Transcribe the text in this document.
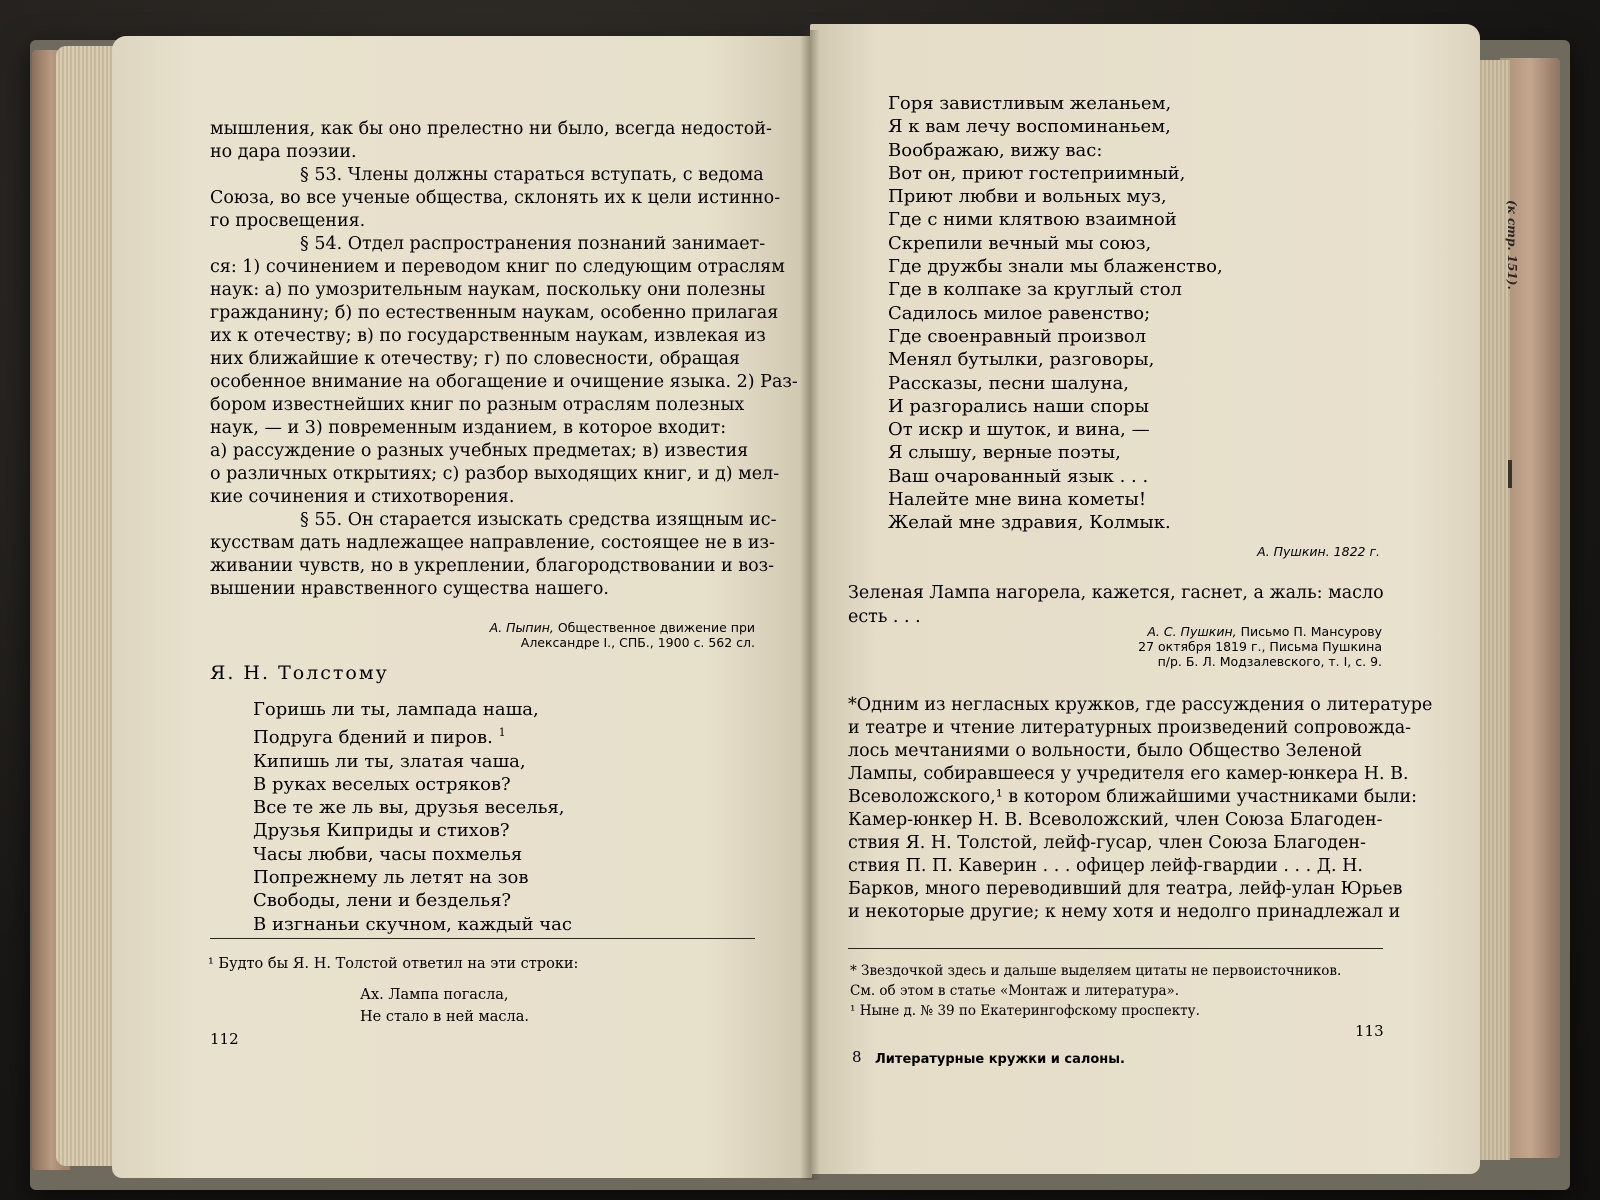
мышления, как бы оно прелестно ни было, всегда недостой-
но дара поэзии.
§ 53. Члены должны стараться вступать, с ведома
Союза, во все ученые общества, склонять их к цели истинно-
го просвещения.
§ 54. Отдел распространения познаний занимает-
ся: 1) сочинением и переводом книг по следующим отраслям
наук: а) по умозрительным наукам, поскольку они полезны
гражданину; б) по естественным наукам, особенно прилагая
их к отечеству; в) по государственным наукам, извлекая из
них ближайшие к отечеству; г) по словесности, обращая
особенное внимание на обогащение и очищение языка. 2) Раз-
бором известнейших книг по разным отраслям полезных
наук, — и 3) повременным изданием, в которое входит:
а) рассуждение о разных учебных предметах; в) известия
о различных открытиях; с) разбор выходящих книг, и д) мел-
кие сочинения и стихотворения.
§ 55. Он старается изыскать средства изящным ис-
кусствам дать надлежащее направление, состоящее не в из-
живании чувств, но в укреплении, благородствовании и воз-
вышении нравственного существа нашего.
А. Пыпин, Общественное движение при
Александре I., СПБ., 1900 с. 562 сл.
Я. Н. Толстому
Горишь ли ты, лампада наша,
Подруга бдений и пиров. $^1$
Кипишь ли ты, златая чаша,
В руках веселых остряков?
Все те же ль вы, друзья веселья,
Друзья Киприды и стихов?
Часы любви, часы похмелья
Попрежнему ль летят на зов
Свободы, лени и безделья?
В изгнаньи скучном, каждый час
¹ Будто бы Я. Н. Толстой ответил на эти строки:
Ах. Лампа погасла,
Не стало в ней масла.
112
Горя завистливым желаньем,
Я к вам лечу воспоминаньем,
Воображаю, вижу вас:
Вот он, приют гостеприимный,
Приют любви и вольных муз,
Где с ними клятвою взаимной
Скрепили вечный мы союз,
Где дружбы знали мы блаженство,
Где в колпаке за круглый стол
Садилось милое равенство;
Где своенравный произвол
Менял бутылки, разговоры,
Рассказы, песни шалуна,
И разгорались наши споры
От искр и шуток, и вина, —
Я слышу, верные поэты,
Ваш очарованный язык . . .
Налейте мне вина кометы!
Желай мне здравия, Колмык.
А. Пушкин. 1822 г.
Зеленая Лампа нагорела, кажется, гаснет, а жаль: масло
есть . . .
А. С. Пушкин, Письмо П. Мансурову
27 октября 1819 г., Письма Пушкина
п/р. Б. Л. Модзалевского, т. I, с. 9.
*Одним из негласных кружков, где рассуждения о литературе
и театре и чтение литературных произведений сопровожда-
лось мечтаниями о вольности, было Общество Зеленой
Лампы, собиравшееся у учредителя его камер-юнкера Н. В.
Всеволожского,¹ в котором ближайшими участниками были:
Камер-юнкер Н. В. Всеволожский, член Союза Благоден-
ствия Я. Н. Толстой, лейф-гусар, член Союза Благоден-
ствия П. П. Каверин . . . офицер лейф-гвардии . . . Д. Н.
Барков, много переводивший для театра, лейф-улан Юрьев
и некоторые другие; к нему хотя и недолго принадлежал и
* Звездочкой здесь и дальше выделяем цитаты не первоисточников.
См. об этом в статье «Монтаж и литература».
¹ Ныне д. № 39 по Екатерингофскому проспекту.
113
8 Литературные кружки и салоны.
(к стр. 151).
